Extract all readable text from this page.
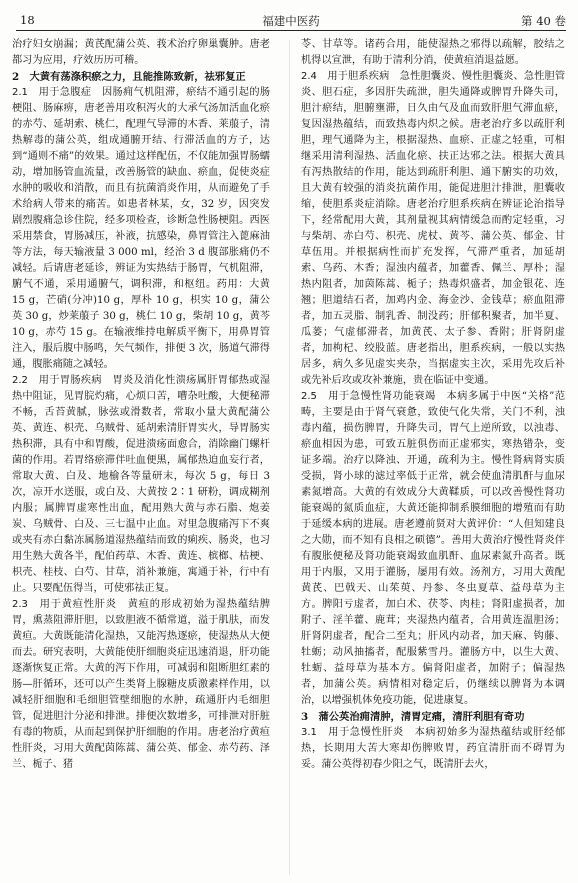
18	福建中医药	第 40 卷

治疗妇女崩漏；黄芪配蒲公英、莪术治疗卵巢囊肿。唐老都习为应用，疗效历历可稽。

2　大黄有荡涤积瘀之力，且能推陈致新，祛邪复正

2.1　 用于急腹症　 因肠痈气机阻滞，瘀结不通引起的肠梗阻、肠麻痹，唐老善用攻积泻火的大承气汤加活血化瘀的赤芍、延胡索、桃仁，配理气导滞的木香、莱菔子，清热解毒的蒲公英，组成通腑开结、行滞活血的方子，达到“通则不痛”的效果。通过这样配伍，不仅能加强胃肠蠕动，增加肠管血流量，改善肠管的缺血、瘀血，促使炎症水肿的吸收和消散，而且有抗菌消炎作用，从而避免了手术给病人带来的痛苦。如患者林某，女，32 岁，因突发剧烈腹痛急诊住院，经多项检查，诊断急性肠梗阻。西医采用禁食，胃肠减压，补液，抗感染，鼻胃管注入蓖麻油等方法，每天输液量 3 000 ml，经治 3 d 腹部胀痛仍不减轻。后请唐老延诊，辨证为实热结于肠胃，气机阻滞，腑气不通，采用通腑气，调积滞，和枢纽。药用：大黄 15 g，芒硝(分冲)10 g，厚朴 10 g，枳实 10 g，蒲公英 30 g，炒莱菔子 30 g，桃仁 10 g，柴胡 10 g，黄芩 10 g，赤芍 15 g。在输液维持电解质平衡下，用鼻胃管注入，服后腹中肠鸣，矢气频作，排便 3 次，肠道气滞得通，腹胀痛随之减轻。

2.2　 用于胃肠疾病　 胃炎及消化性溃疡属肝胃郁热或湿热中阻证，见胃脘灼痛，心烦口苦，嘈杂吐酸，大便秘滞不畅，舌苔黄腻，脉弦或滑数者，常取小量大黄配蒲公英、黄连、枳壳、乌贼骨、延胡索清肝胃实火，导胃肠实热积滞，具有中和胃酸，促进溃疡面愈合，消除幽门螺杆菌的作用。若胃络瘀滞伴吐血便黑，属郁热迫血妄行者，常取大黄、白及、地榆各等量研末，每次 5 g，每日 3 次，凉开水送服，或白及、大黄按 2∶1 研粉，调成糊剂内服；属脾胃虚寒性出血，配用熟大黄与赤石脂、炮姜炭、乌贼骨、白及、三七温中止血。对里急腹痛泻下不爽或夹有赤白黏冻属肠道湿热蕴结而致的痢疾、肠炎，也习用生熟大黄各半，配伯药草、木香、黄连、槟榔、枯梗、枳壳、桂枝、白芍、甘草，消补兼施，寓通于补，行中有止。只要配伍得当，可使邪祛正复。

2.3　 用于黄疸性肝炎　 黄疸的形成初始为湿热蕴结脾胃，熏蒸阻滞肝胆，以致胆液不循常道，溢于肌肤，而发黄疸。大黄既能清化湿热，又能泻热逐瘀，使湿热从大便而去。研究表明，大黄能使肝细胞炎症迅速消退，肝功能逐渐恢复正常。大黄的泻下作用，可减弱和阻断胆红素的肠—肝循环，还可以产生类肾上腺糖皮质激素样作用，以减轻肝细胞和毛细胆管壁细胞的水肿，疏通肝内毛细胆管，促进胆汁分泌和排泄。排便次数增多，可排泄对肝脏有毒的物质，从而起到保护肝细胞的作用。唐老治疗黄疸性肝炎，习用大黄配茵陈蒿、蒲公英、郁金、赤芍药、泽兰、栀子、猪

苓、甘草等。诸药合用，能使湿热之邪得以疏解，胶结之机得以宣泄，有助于清利分消，使黄疸消退益愿。

2.4　 用于胆系疾病　 急性胆囊炎、慢性胆囊炎、急性胆管炎、胆石症，多因肝失疏泄，胆失通降或脾胃升降失司，胆汁瘀结，胆腑壅滞，日久由气及血而致肝胆气滞血瘀，复因湿热蕴结，而致热毒内炽之候。唐老治疗多以疏肝利胆，理气通降为主，根据湿热、血瘀、正虚之轻重，可相继采用清利湿热、活血化瘀、扶正达邪之法。根据大黄具有泻热散结的作用，能达到疏肝利胆、通下腑实的功效，且大黄有较强的消炎抗菌作用，能促进胆汁排泄，胆囊收缩，使胆系炎症消除。唐老治疗胆系疾病在辨证论治指导下，经常配用大黄，其剂量视其病情缓急而酌定轻重，习与柴胡、赤白芍、枳壳、虎杖、黄芩、蒲公英、郁金、甘草伍用。并根据病性而扩充发挥，气滞严重者，加延胡索、乌药、木香；湿浊内蕴者，加藿香、佩兰、厚朴；湿热内阻者，加茵陈蒿、栀子；热毒炽盛者，加金银花、连翘；胆道结石者，加鸡内金、海金沙、金钱草；瘀血阻滞者，加五灵脂、制乳香、制没药；肝郁积聚者，加半夏、瓜蒌；气虚郁滞者，加黄芪、太子参、香附；肝肾阴虚者，加枸杞、绞股蓝。唐老指出，胆系疾病，一般以实热居多，病久多见虚实夹杂，当据虚实主次，采用先攻后补或先补后攻或攻补兼施，贵在临证中变通。

2.5　 用于急慢性肾功能衰竭　 本病多属于中医“关格”范畴，主要是由于肾气衰惫，致使气化失常，关门不利，浊毒内蕴，损伤脾胃，升降失司，胃气上逆所致，以浊毒、瘀血相因为患，可致五脏俱伤而正虚邪实，寒热错杂，变证多端。治疗以降浊、开通，疏利为主。慢性肾病肾实质受损，肾小球的滤过率低于正常，就会使血清肌酐与血尿素氮增高。大黄的有效成分大黄鞣质，可以改善慢性肾功能衰竭的氮质血症，大黄还能抑制系膜细胞的增殖而有助于延缓本病的进展。唐老遵前贤对大黄评价：“人但知建良之大勋，而不知有良相之硕德”。善用大黄治疗慢性肾炎伴有腹胀便秘及肾功能衰竭致血肌酐、血尿素氮升高者。既用于内服，又用于灌肠，屡用有效。汤剂方，习用大黄配黄芪、巴戟天、山茱萸、丹参、冬虫夏草、益母草为主方。脾阳亏虚者，加白术、茯苓、肉桂；肾阳虚损者，加附子、淫羊藿、鹿茸；夹湿热内蕴者，合用黄连温胆汤；肝肾阴虚者，配合二至丸；肝风内动者，加天麻、钩藤、牡蛎；动风抽搐者，配服紫雪丹。灌肠方中，以生大黄、牡蛎、益母草为基本方。偏肾阳虚者，加附子；偏湿热者，加蒲公英。病情相对稳定后，仍继续以脾肾为本调治，以增强机体免疫功能，促进康复。

3　蒲公英治痈清肿，清胃定痛，清肝利胆有奇功

3.1　 用于急慢性肝炎　 本病初始多为湿热蕴结或肝经郁热，长期用大苦大寒却伤脾败胃，药宜清肝而不碍胃为妥。蒲公英得初春少阳之气，既清肝去火，
